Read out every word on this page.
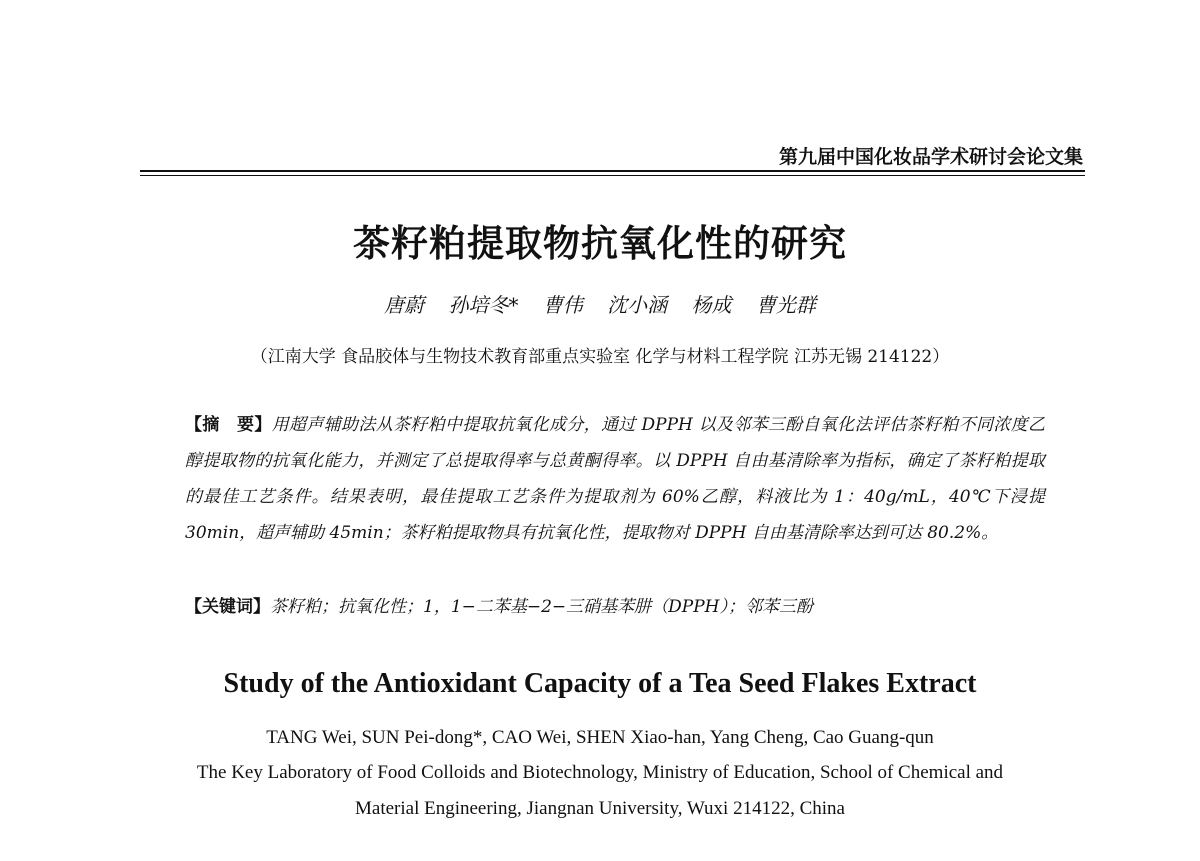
第九届中国化妆品学术研讨会论文集
茶籽粕提取物抗氧化性的研究
唐蔚 孙培冬* 曹伟 沈小涵 杨成 曹光群
（江南大学 食品胶体与生物技术教育部重点实验室 化学与材料工程学院 江苏无锡 214122）
【摘　要】用超声辅助法从茶籽粕中提取抗氧化成分，通过 DPPH 以及邻苯三酚自氧化法评估茶籽粕不同浓度乙醇提取物的抗氧化能力，并测定了总提取得率与总黄酮得率。以 DPPH 自由基清除率为指标，确定了茶籽粕提取的最佳工艺条件。结果表明，最佳提取工艺条件为提取剂为 60%乙醇，料液比为 1：40g/mL，40℃下浸提 30min，超声辅助 45min；茶籽粕提取物具有抗氧化性，提取物对 DPPH 自由基清除率达到可达 80.2%。
【关键词】茶籽粕；抗氧化性；1，1−二苯基−2−三硝基苯肼（DPPH）；邻苯三酚
Study of the Antioxidant Capacity of a Tea Seed Flakes Extract
TANG Wei, SUN Pei-dong*, CAO Wei, SHEN Xiao-han, Yang Cheng, Cao Guang-qun
The Key Laboratory of Food Colloids and Biotechnology, Ministry of Education, School of Chemical and
Material Engineering, Jiangnan University, Wuxi 214122, China
